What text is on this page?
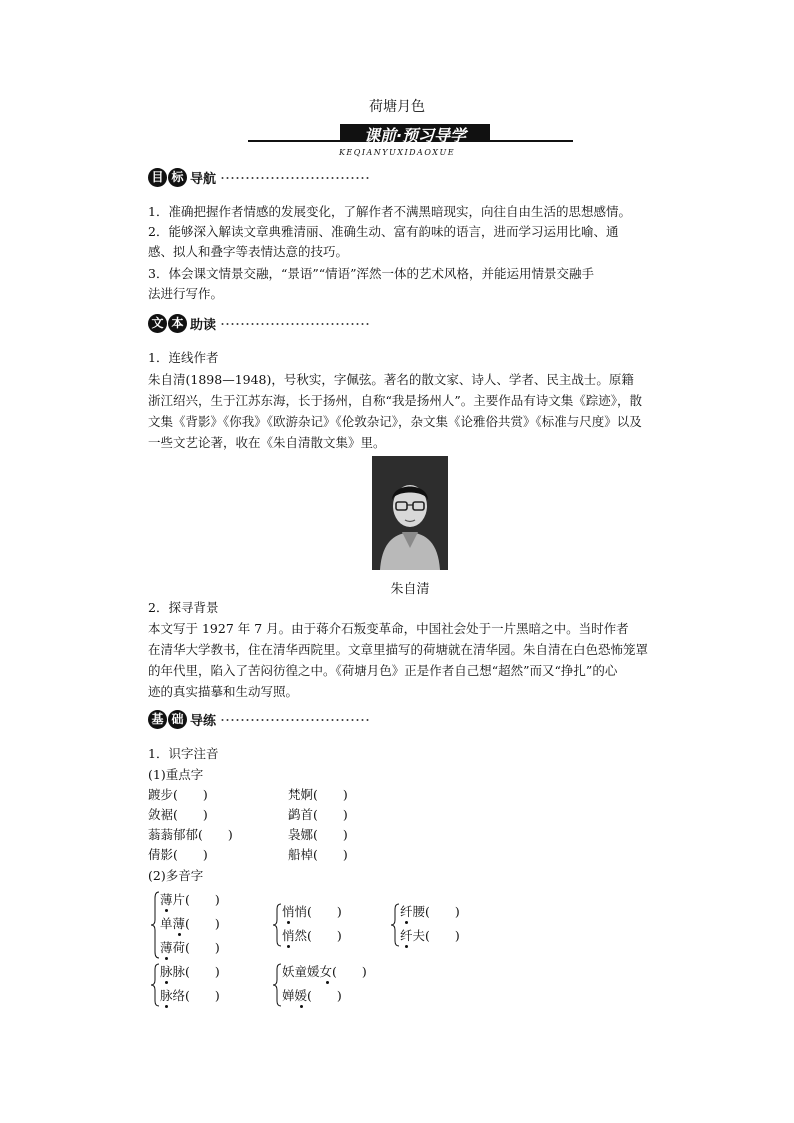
荷塘月色
课前·预习导学
KEQIANYUXIDAOXUE
目 标 导航
1．准确把握作者情感的发展变化，了解作者不满黑暗现实，向往自由生活的思想感情。
2．能够深入解读文章典雅清丽、准确生动、富有韵味的语言，进而学习运用比喻、通
感、拟人和叠字等表情达意的技巧。
3．体会课文情景交融，“景语”“情语”浑然一体的艺术风格，并能运用情景交融手
法进行写作。
文 本 助读
1．连线作者
朱自清(1898—1948)，号秋实，字佩弦。著名的散文家、诗人、学者、民主战士。原籍
浙江绍兴，生于江苏东海，长于扬州，自称“我是扬州人”。主要作品有诗文集《踪迹》，散
文集《背影》《你我》《欧游杂记》《伦敦杂记》，杂文集《论雅俗共赏》《标准与尺度》以及
一些文艺论著，收在《朱自清散文集》里。
朱自清
2．探寻背景
本文写于 1927 年 7 月。由于蒋介石叛变革命，中国社会处于一片黑暗之中。当时作者
在清华大学教书，住在清华西院里。文章里描写的荷塘就在清华园。朱自清在白色恐怖笼罩
的年代里，陷入了苦闷彷徨之中。《荷塘月色》正是作者自己想“超然”而又“挣扎”的心
迹的真实描摹和生动写照。
基 础 导练
1．识字注音
(1)重点字
踱步(　　)
敛裾(　　)
蓊蓊郁郁(　　)
倩影(　　)
梵婀(　　)
鹢首(　　)
袅娜(　　)
船棹(　　)
(2)多音字
薄片(　　)
单薄(　　)
薄荷(　　)
悄悄(　　)
悄然(　　)
纤腰(　　)
纤夫(　　)
脉脉(　　)
脉络(　　)
妖童媛女(　　)
婵媛(　　)
